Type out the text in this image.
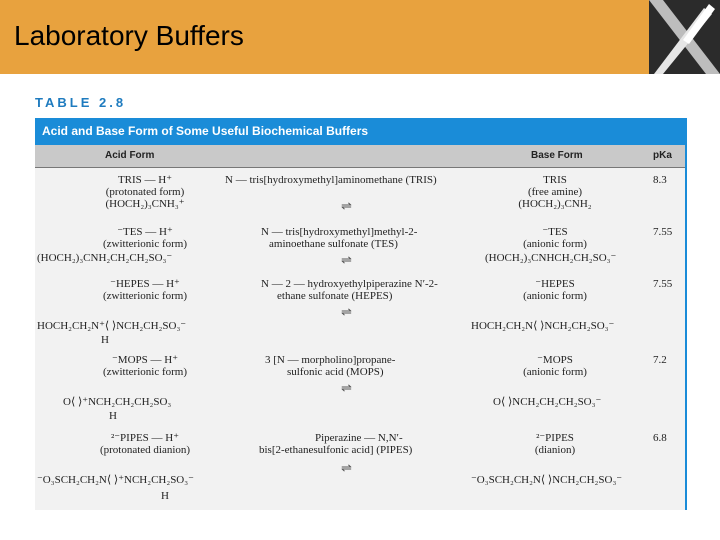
Laboratory Buffers
TABLE 2.8
Acid and Base Form of Some Useful Biochemical Buffers
Acid Form	Base Form	pKa
TRIS — H⁺
(protonated form)
(HOCH₂)₃CNH₃⁺
N — tris[hydroxymethyl]aminomethane (TRIS)
⇌
TRIS
(free amine)
(HOCH₂)₃CNH₂
8.3
⁻TES — H⁺
(zwitterionic form)
(HOCH₂)₃CNH₂CH₂CH₂SO₃⁻
N — tris[hydroxymethyl]methyl-2-
aminoethane sulfonate (TES)
⇌
⁻TES
(anionic form)
(HOCH₂)₃CNHCH₂CH₂SO₃⁻
7.55
⁻HEPES — H⁺
(zwitterionic form)
HOCH₂CH₂N⁺⟨ ⟩NCH₂CH₂SO₃⁻
H
N — 2 — hydroxyethylpiperazine N′-2-
ethane sulfonate (HEPES)
⇌
⁻HEPES
(anionic form)
HOCH₂CH₂N⟨ ⟩NCH₂CH₂SO₃⁻
7.55
⁻MOPS — H⁺
(zwitterionic form)
O⟨ ⟩⁺NCH₂CH₂CH₂SO₃
H
3 [N — morpholino]propane-
sulfonic acid (MOPS)
⇌
⁻MOPS
(anionic form)
O⟨ ⟩NCH₂CH₂CH₂SO₃⁻
7.2
²⁻PIPES — H⁺
(protonated dianion)
⁻O₃SCH₂CH₂N⟨ ⟩⁺NCH₂CH₂SO₃⁻
H
Piperazine — N,N′-
bis[2-ethanesulfonic acid] (PIPES)
⇌
²⁻PIPES
(dianion)
⁻O₃SCH₂CH₂N⟨ ⟩NCH₂CH₂SO₃⁻
6.8
